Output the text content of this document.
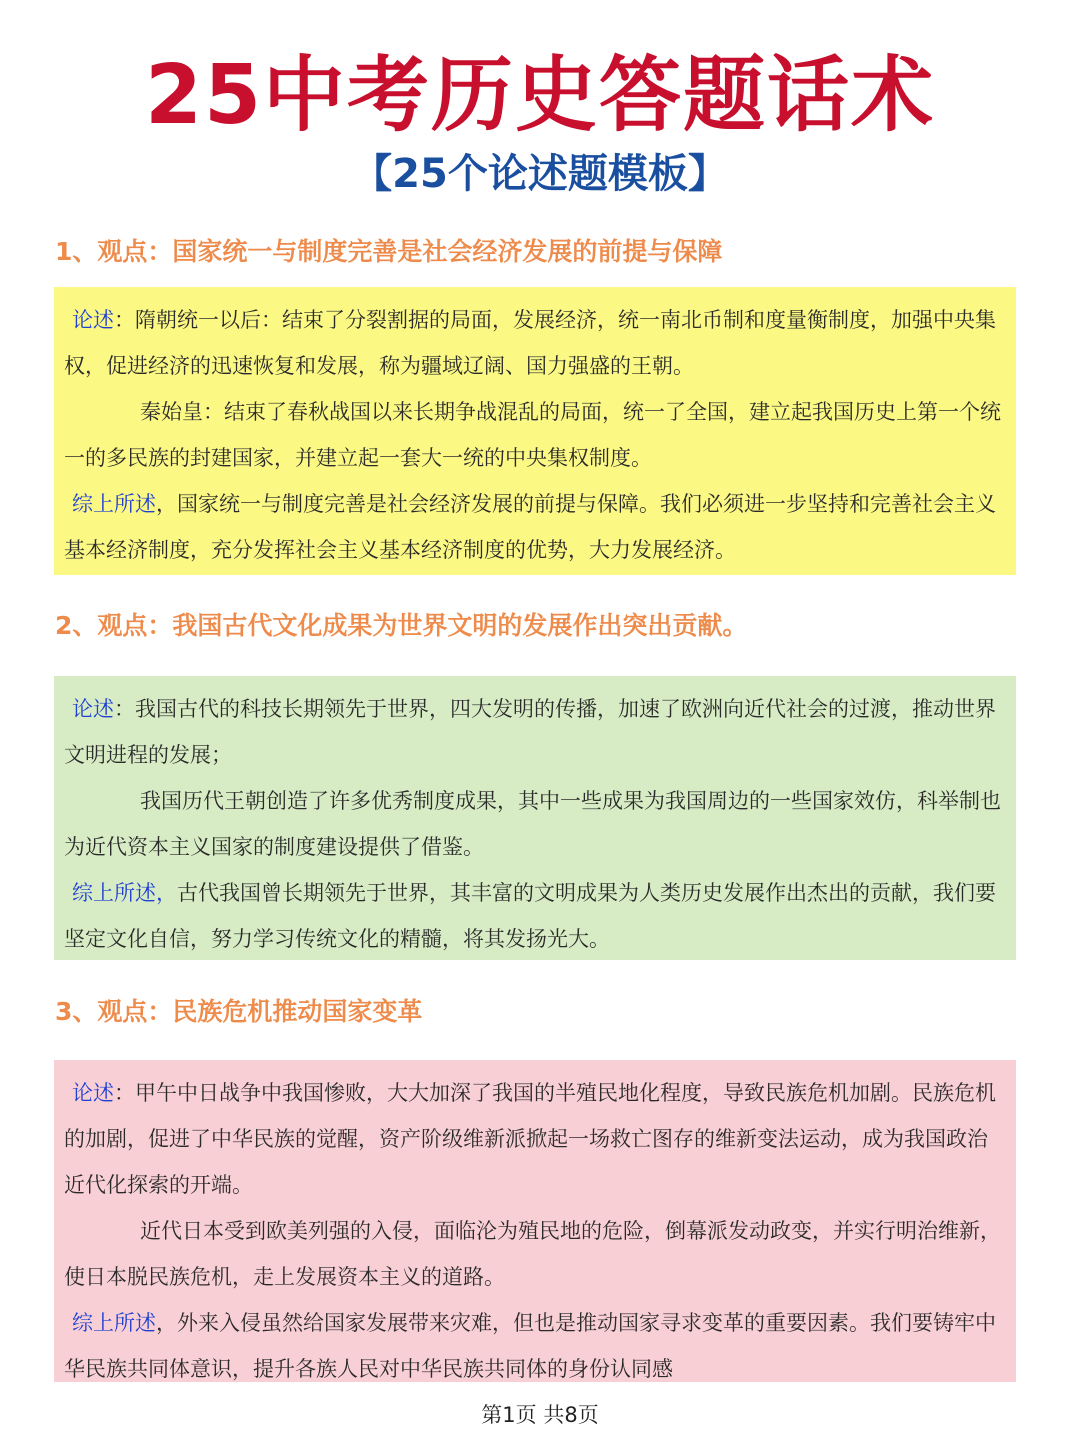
25中考历史答题话术
【25个论述题模板】
1、观点：国家统一与制度完善是社会经济发展的前提与保障

论述：隋朝统一以后：结束了分裂割据的局面，发展经济，统一南北币制和度量衡制度，加强中央集权，促进经济的迅速恢复和发展，称为疆域辽阔、国力强盛的王朝。

秦始皇：结束了春秋战国以来长期争战混乱的局面，统一了全国，建立起我国历史上第一个统一的多民族的封建国家，并建立起一套大一统的中央集权制度。

综上所述，国家统一与制度完善是社会经济发展的前提与保障。我们必须进一步坚持和完善社会主义基本经济制度，充分发挥社会主义基本经济制度的优势，大力发展经济。

2、观点：我国古代文化成果为世界文明的发展作出突出贡献。

论述：我国古代的科技长期领先于世界，四大发明的传播，加速了欧洲向近代社会的过渡，推动世界文明进程的发展；

我国历代王朝创造了许多优秀制度成果，其中一些成果为我国周边的一些国家效仿，科举制也为近代资本主义国家的制度建设提供了借鉴。

综上所述，古代我国曾长期领先于世界，其丰富的文明成果为人类历史发展作出杰出的贡献，我们要坚定文化自信，努力学习传统文化的精髓，将其发扬光大。

3、观点：民族危机推动国家变革

论述：甲午中日战争中我国惨败，大大加深了我国的半殖民地化程度，导致民族危机加剧。民族危机的加剧，促进了中华民族的觉醒，资产阶级维新派掀起一场救亡图存的维新变法运动，成为我国政治近代化探索的开端。

近代日本受到欧美列强的入侵，面临沦为殖民地的危险，倒幕派发动政变，并实行明治维新，使日本脱民族危机，走上发展资本主义的道路。

综上所述，外来入侵虽然给国家发展带来灾难，但也是推动国家寻求变革的重要因素。我们要铸牢中华民族共同体意识，提升各族人民对中华民族共同体的身份认同感

第1页 共8页
